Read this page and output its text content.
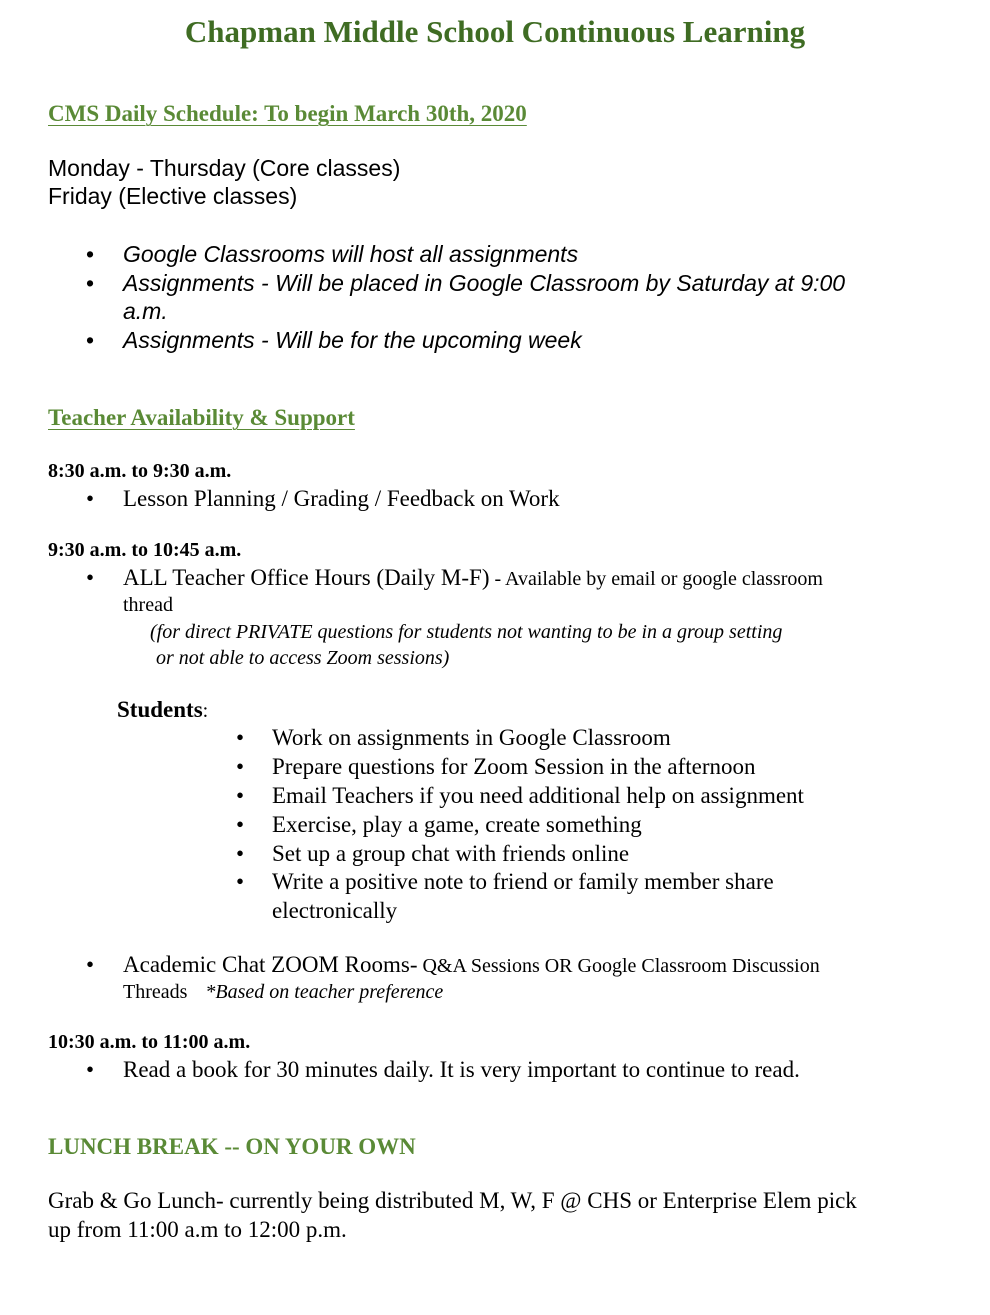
Chapman Middle School Continuous Learning
CMS Daily Schedule: To begin March 30th, 2020
Monday - Thursday (Core classes)
Friday (Elective classes)
• Google Classrooms will host all assignments
• Assignments - Will be placed in Google Classroom by Saturday at 9:00
a.m.
• Assignments - Will be for the upcoming week
Teacher Availability & Support
8:30 a.m. to 9:30 a.m.
• Lesson Planning / Grading / Feedback on Work
9:30 a.m. to 10:45 a.m.
• ALL Teacher Office Hours (Daily M-F) - Available by email or google classroom
thread
(for direct PRIVATE questions for students not wanting to be in a group setting
or not able to access Zoom sessions)
Students:
• Work on assignments in Google Classroom
• Prepare questions for Zoom Session in the afternoon
• Email Teachers if you need additional help on assignment
• Exercise, play a game, create something
• Set up a group chat with friends online
• Write a positive note to friend or family member share
electronically
• Academic Chat ZOOM Rooms- Q&A Sessions OR Google Classroom Discussion
Threads *Based on teacher preference
10:30 a.m. to 11:00 a.m.
• Read a book for 30 minutes daily. It is very important to continue to read.
LUNCH BREAK -- ON YOUR OWN
Grab & Go Lunch- currently being distributed M, W, F @ CHS or Enterprise Elem pick
up from 11:00 a.m to 12:00 p.m.
